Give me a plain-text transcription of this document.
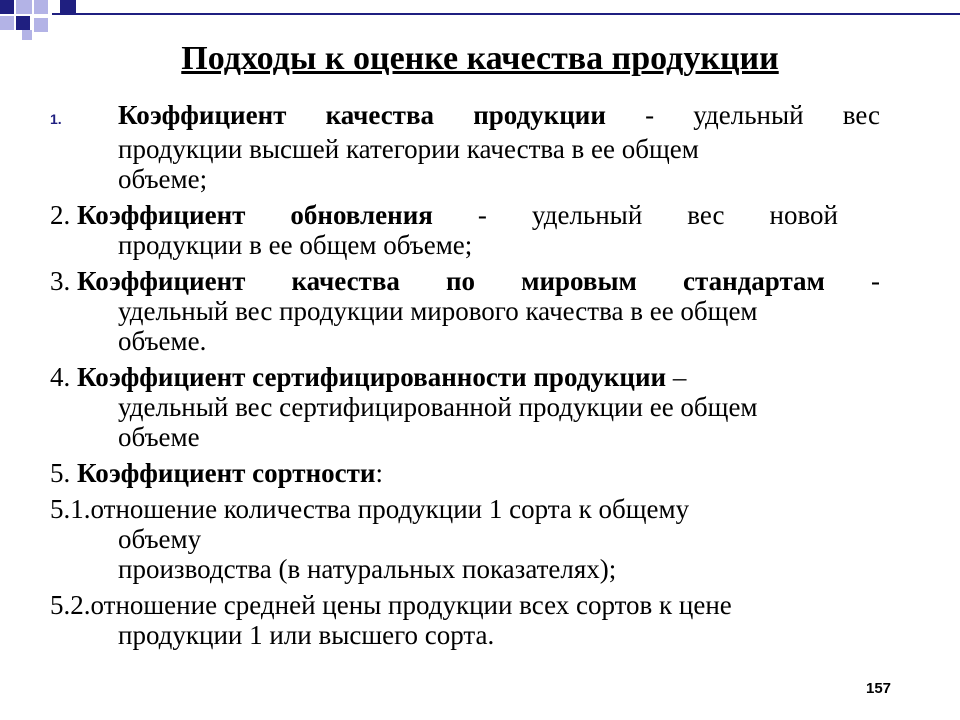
Подходы к оценке качества продукции
1.	Коэффициент качества продукции - удельный вес
продукции высшей категории качества в ее общем
объеме;
2. Коэффициент обновления - удельный вес новой
продукции в ее общем объеме;
3. Коэффициент качества по мировым стандартам -
удельный вес продукции мирового качества в ее общем
объеме.
4. Коэффициент сертифицированности продукции –
удельный вес сертифицированной продукции ее общем
объеме
5. Коэффициент сортности:
5.1. отношение количества продукции 1 сорта к общему
объему
производства (в натуральных показателях);
5.2. отношение средней цены продукции всех сортов к цене
продукции 1 или высшего сорта.
157
